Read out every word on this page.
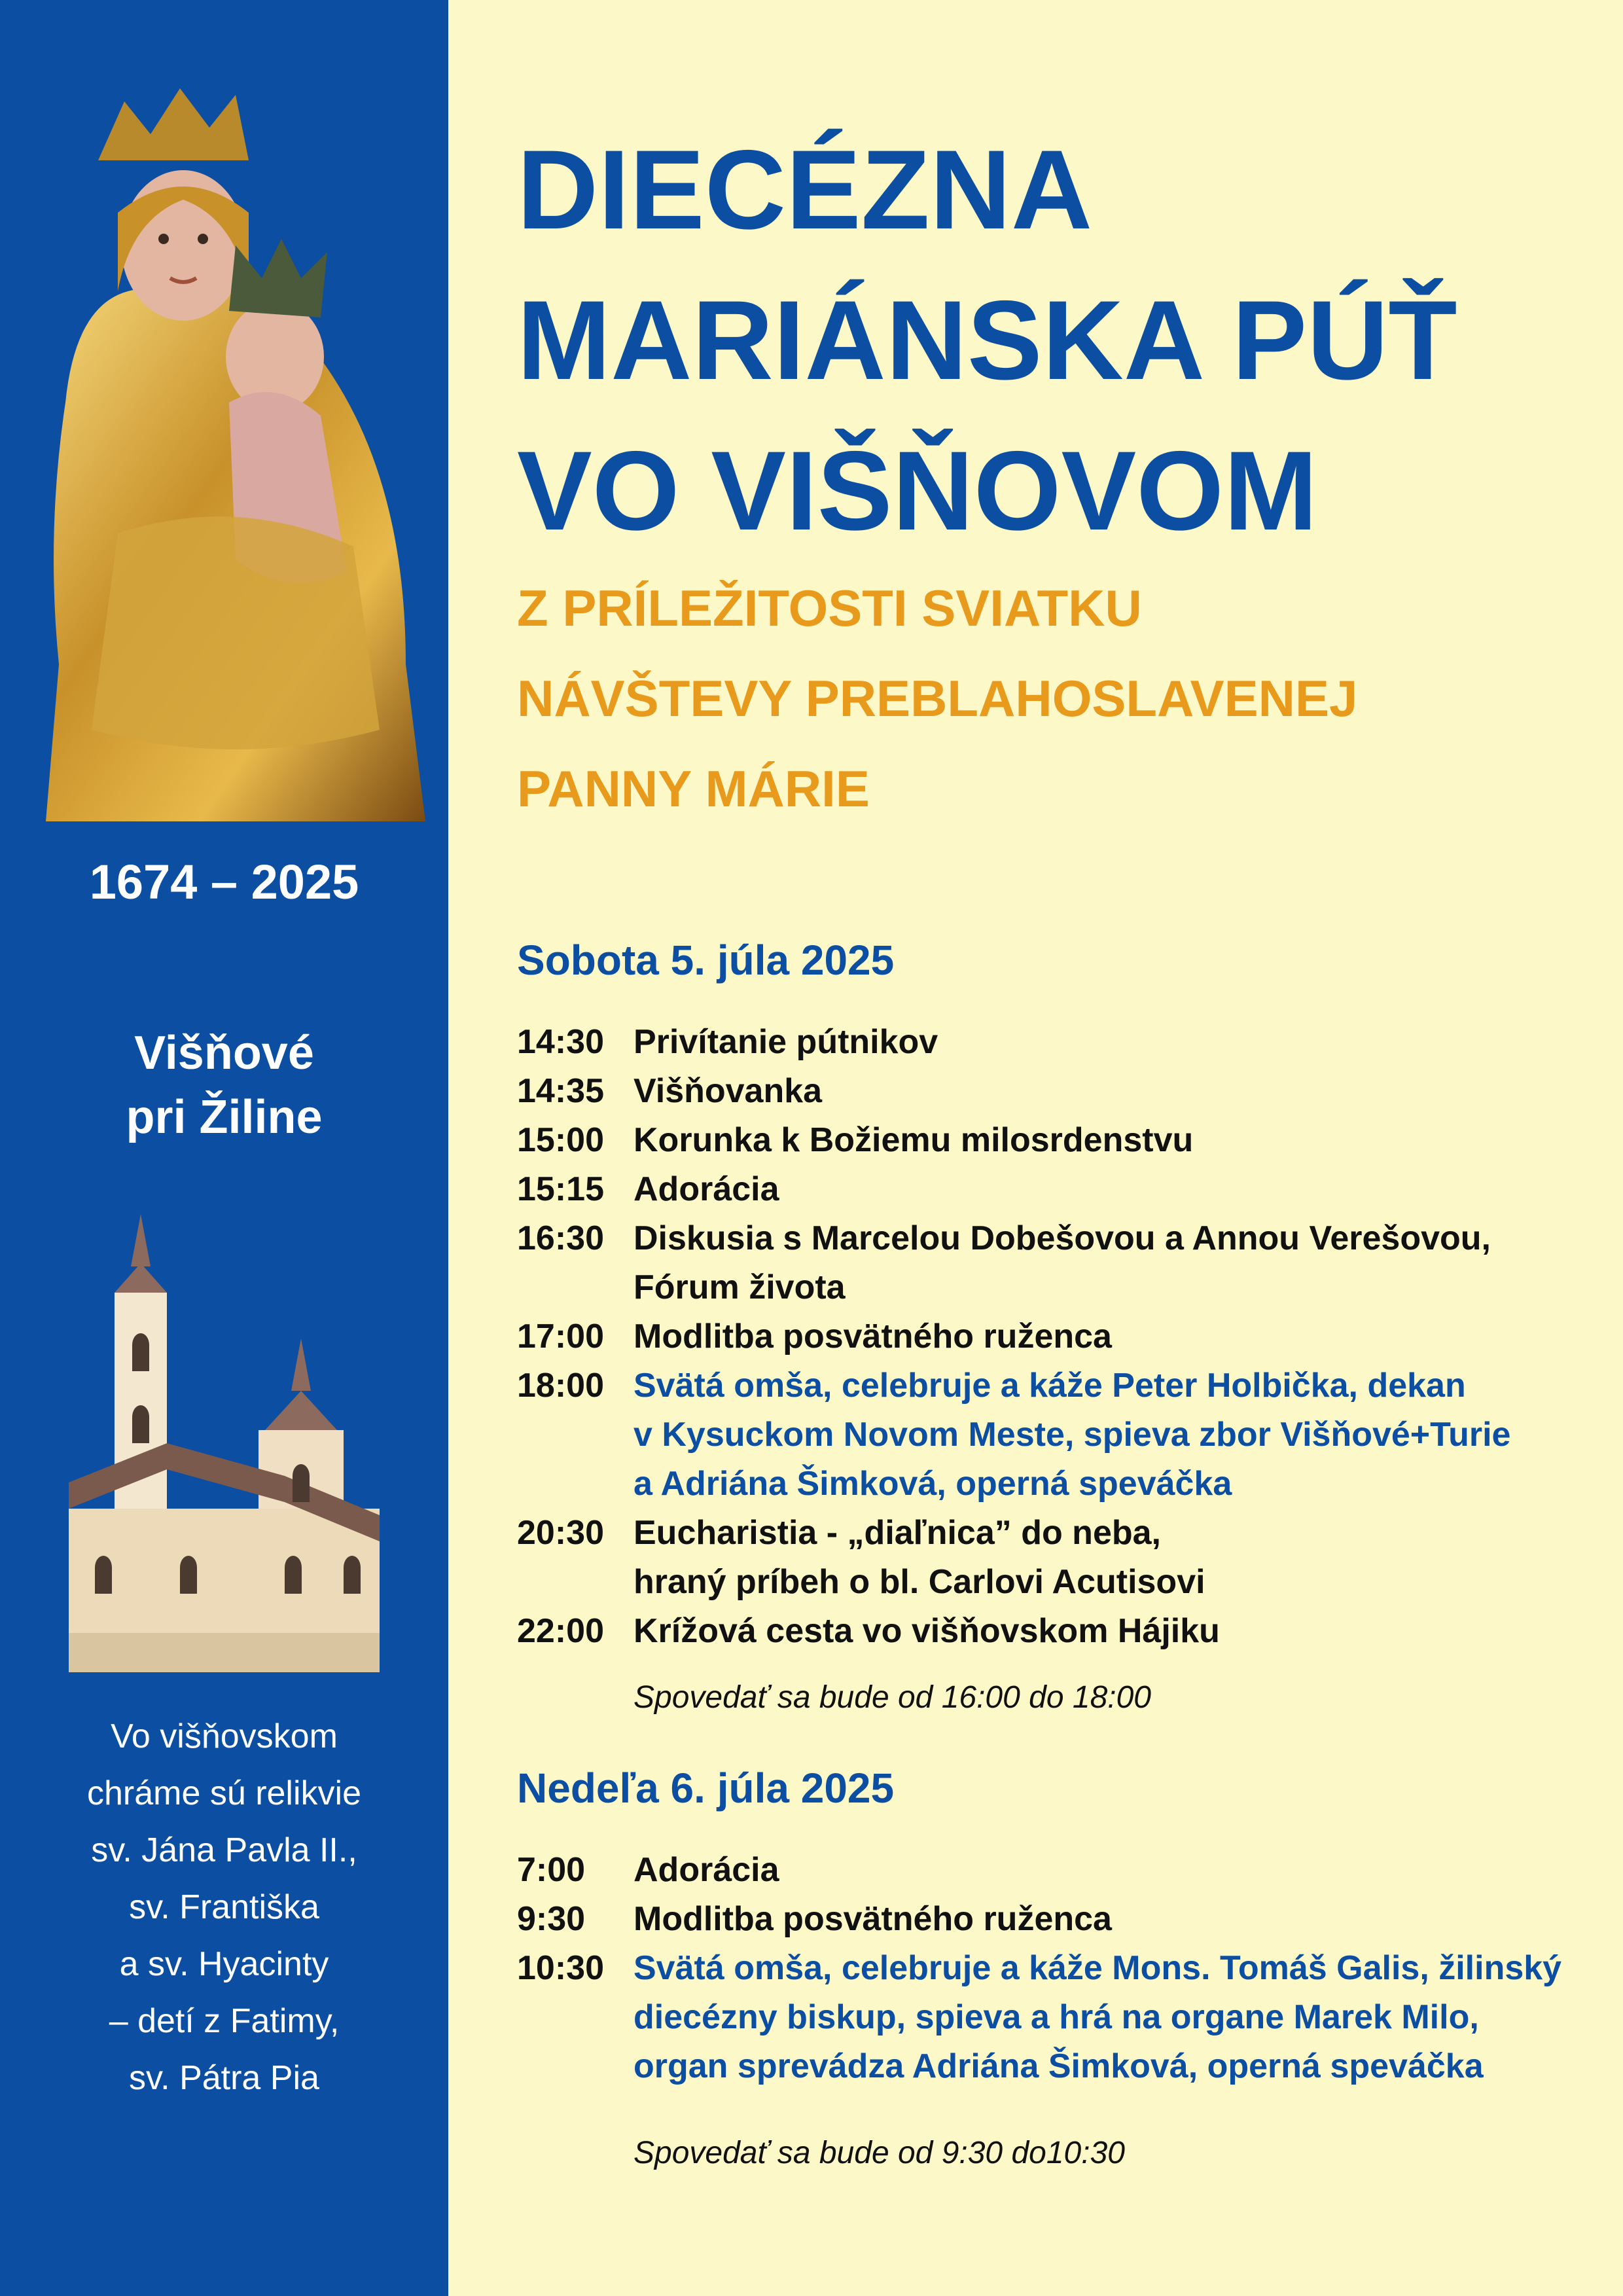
1674 – 2025
Višňové
pri Žiline
Vo višňovskom
chráme sú relikvie
sv. Jána Pavla II.,
sv. Františka
a sv. Hyacinty
– detí z Fatimy,
sv. Pátra Pia
DIECÉZNA
MARIÁNSKA PÚŤ
VO VIŠŇOVOM
Z PRÍLEŽITOSTI SVIATKU
NÁVŠTEVY PREBLAHOSLAVENEJ
PANNY MÁRIE
Sobota 5. júla 2025
14:30 Privítanie pútnikov
14:35 Višňovanka
15:00 Korunka k Božiemu milosrdenstvu
15:15 Adorácia
16:30 Diskusia s Marcelou Dobešovou a Annou Verešovou,
Fórum života
17:00 Modlitba posvätného ruženca
18:00 Svätá omša, celebruje a káže Peter Holbička, dekan
v Kysuckom Novom Meste, spieva zbor Višňové+Turie
a Adriána Šimková, operná speváčka
20:30 Eucharistia - „diaľnica” do neba,
hraný príbeh o bl. Carlovi Acutisovi
22:00 Krížová cesta vo višňovskom Hájiku
Spovedať sa bude od 16:00 do 18:00
Nedeľa 6. júla 2025
7:00	Adorácia
9:30	Modlitba posvätného ruženca
10:30 Svätá omša, celebruje a káže Mons. Tomáš Galis, žilinský
diecézny biskup, spieva a hrá na organe Marek Milo,
organ sprevádza Adriána Šimková, operná speváčka
Spovedať sa bude od 9:30 do10:30
